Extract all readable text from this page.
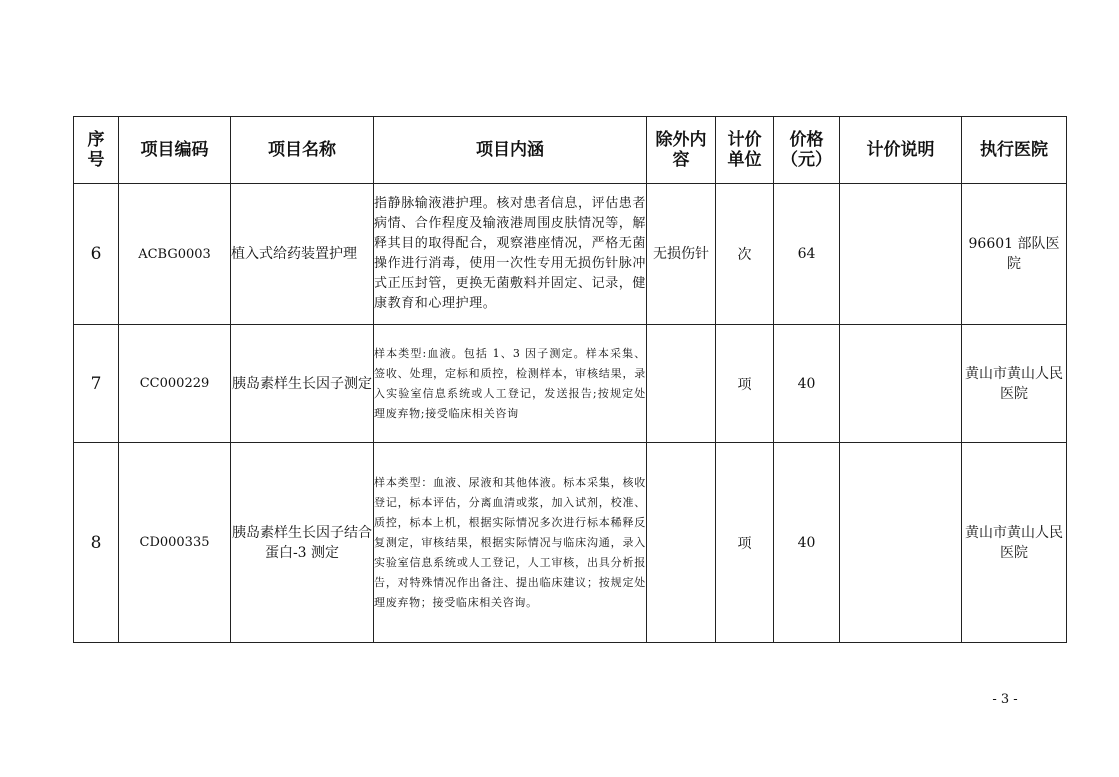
序号	项目编码	项目名称	项目内涵	除外内容	计价单位	价格（元）	计价说明	执行医院
6	ACBG0003	植入式给药装置护理	指静脉输液港护理。核对患者信息，评估患者病情、合作程度及输液港周围皮肤情况等，解释其目的取得配合，观察港座情况，严格无菌操作进行消毒，使用一次性专用无损伤针脉冲式正压封管，更换无菌敷料并固定、记录，健康教育和心理护理。	无损伤针	次	64		96601 部队医院
7	CC000229	胰岛素样生长因子测定	样本类型:血液。包括 1、3 因子测定。样本采集、签收、处理，定标和质控，检测样本，审核结果，录入实验室信息系统或人工登记，发送报告;按规定处理废弃物;接受临床相关咨询		项	40		黄山市黄山人民医院
8	CD000335	胰岛素样生长因子结合蛋白-3 测定	样本类型：血液、尿液和其他体液。标本采集，核收登记，标本评估，分离血清或浆，加入试剂，校准、质控，标本上机，根据实际情况多次进行标本稀释反复测定，审核结果，根据实际情况与临床沟通，录入实验室信息系统或人工登记，人工审核，出具分析报告，对特殊情况作出备注、提出临床建议；按规定处理废弃物；接受临床相关咨询。		项	40		黄山市黄山人民医院
- 3 -
